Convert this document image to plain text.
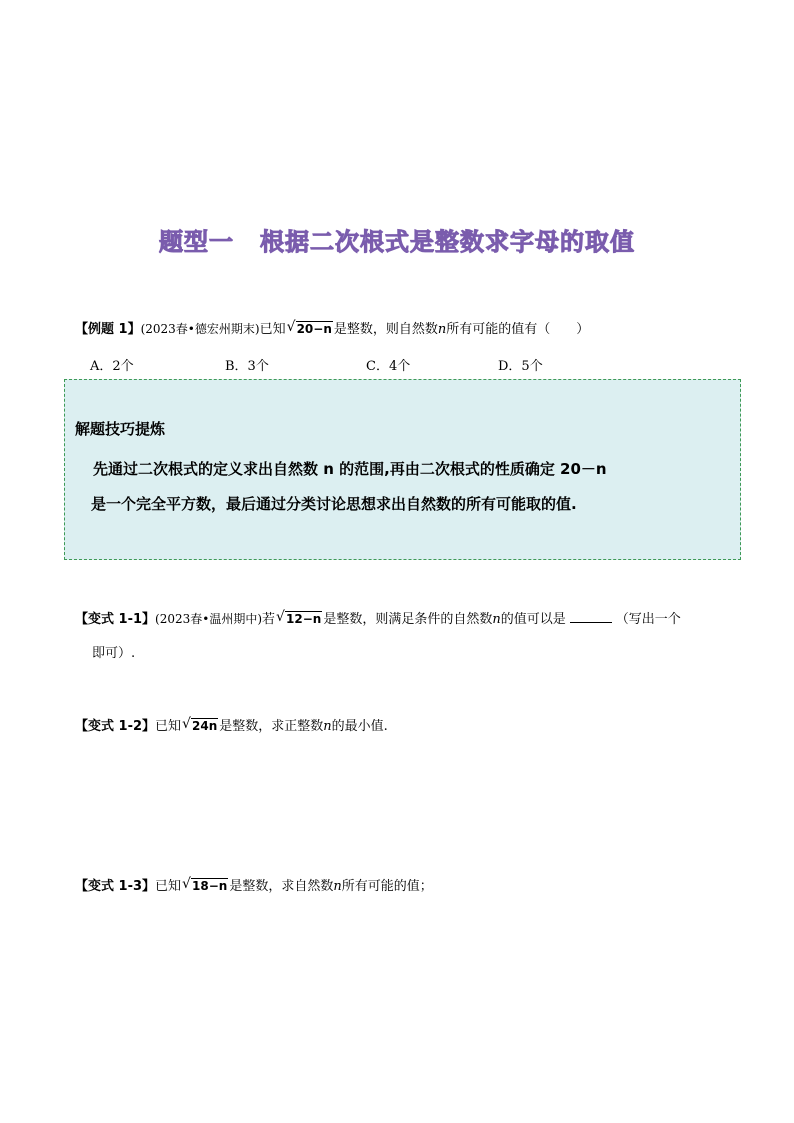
题型一 根据二次根式是整数求字母的取值
【例题 1】(2023春•德宏州期末)已知 √ 20−n 是整数，则自然数n所有可能的值有（　　）
A．2个	B．3个	C．4个	D．5个
解题技巧提炼

先通过二次根式的定义求出自然数 n 的范围,再由二次根式的性质确定 20－n

是一个完全平方数，最后通过分类讨论思想求出自然数的所有可能取的值.

【变式 1-1】(2023春•温州期中)若 √ 12−n 是整数，则满足条件的自然数n的值可以是	（写出一个
即可）.
【变式 1-2】已知 √ 24n 是整数，求正整数n的最小值.
【变式 1-3】已知 √ 18−n 是整数，求自然数n所有可能的值；
